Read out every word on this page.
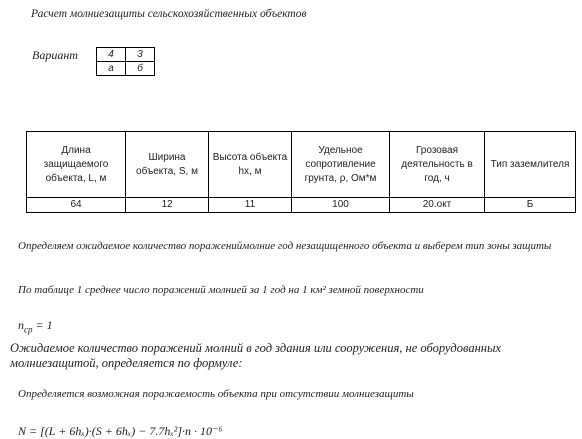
Расчет молниезащиты сельскохозяйственных объектов
Вариант	4	3
а	б
Длина защищаемого объекта, L, м	Ширина объекта, S, м	Высота объекта hx, м	Удельное сопротивление грунта, ρ, Ом*м	Грозовая деятельность в год, ч	Тип заземлителя
64	12	11	100	20.окт	Б
Определяем ожидаемое количество поражениймолние год незащищенного объекта и выберем тип зоны защиты
По таблице 1 среднее число поражений молнией за 1 год на 1 км² земной поверхности
$n_{ср} = 1$
Ожидаемое количество поражений молний в год здания или сооружения, не оборудованных молниезащитой, определяется по формуле:
Определяется возможная поражаемость объекта при отсутствии молниезащиты
N = [(L + 6hₓ)·(S + 6hₓ) − 7.7hₓ²]·n · 10⁻⁶
